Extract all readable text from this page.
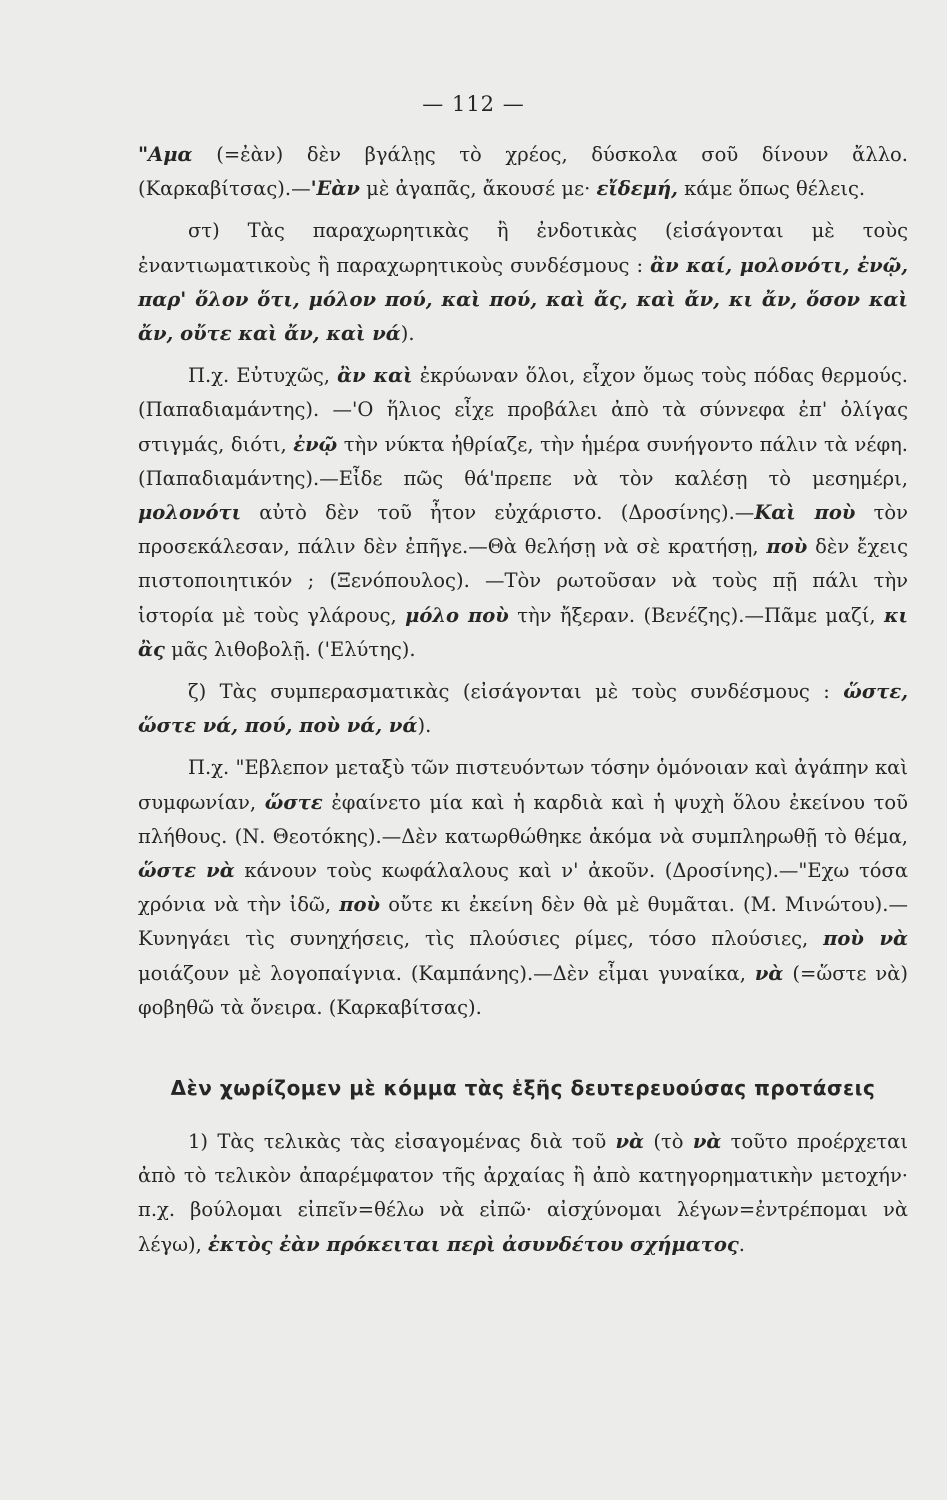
— 112 —

"Αμα (=ἐὰν) δὲν βγάλῃς τὸ χρέος, δύσκολα σοῦ δίνουν ἄλλο. (Καρκαβίτσας).—'Εὰν μὲ ἀγαπᾶς, ἄκουσέ με· εἴδεμή, κάμε ὅπως θέλεις.

στ) Τὰς παραχωρητικὰς ἢ ἐνδοτικὰς (εἰσάγονται μὲ τοὺς ἐναντιωματικοὺς ἢ παραχωρητικοὺς συνδέσμους : ἂν καί, μολονότι, ἐνῷ, παρ' ὅλον ὅτι, μόλον πού, καὶ πού, καὶ ἄς, καὶ ἄν, κι ἄν, ὅσον καὶ ἄν, οὔτε καὶ ἄν, καὶ νά).

Π.χ. Εὐτυχῶς, ἂν καὶ ἐκρύωναν ὅλοι, εἶχον ὅμως τοὺς πόδας θερμούς. (Παπαδιαμάντης). —'Ο ἥλιος εἶχε προβάλει ἀπὸ τὰ σύννεφα ἐπ' ὀλίγας στιγμάς, διότι, ἐνῷ τὴν νύκτα ἠθρίαζε, τὴν ἡμέρα συνήγοντο πάλιν τὰ νέφη. (Παπαδιαμάντης).—Εἶδε πῶς θά'πρεπε νὰ τὸν καλέσῃ τὸ μεσημέρι, μολονότι αὐτὸ δὲν τοῦ ἦτον εὐχάριστο. (Δροσίνης).—Καὶ ποὺ τὸν προσεκάλεσαν, πάλιν δὲν ἐπῆγε.—Θὰ θελήσῃ νὰ σὲ κρατήσῃ, ποὺ δὲν ἔχεις πιστοποιητικόν ; (Ξενόπουλος). —Τὸν ρωτοῦσαν νὰ τοὺς πῇ πάλι τὴν ἱστορία μὲ τοὺς γλάρους, μόλο ποὺ τὴν ἤξεραν. (Βενέζης).—Πᾶμε μαζί, κι ἂς μᾶς λιθοβολῇ. ('Ελύτης).

ζ) Τὰς συμπερασματικὰς (εἰσάγονται μὲ τοὺς συνδέσμους : ὥστε, ὥστε νά, πού, ποὺ νά, νά).

Π.χ. "Εβλεπον μεταξὺ τῶν πιστευόντων τόσην ὁμόνοιαν καὶ ἀγάπην καὶ συμφωνίαν, ὥστε ἐφαίνετο μία καὶ ἡ καρδιὰ καὶ ἡ ψυχὴ ὅλου ἐκείνου τοῦ πλήθους. (Ν. Θεοτόκης).—Δὲν κατωρθώθηκε ἀκόμα νὰ συμπληρωθῇ τὸ θέμα, ὥστε νὰ κάνουν τοὺς κωφάλαλους καὶ ν' ἀκοῦν. (Δροσίνης).—"Εχω τόσα χρόνια νὰ τὴν ἰδῶ, ποὺ οὔτε κι ἐκείνη δὲν θὰ μὲ θυμᾶται. (Μ. Μινώτου).—Κυνηγάει τὶς συνηχήσεις, τὶς πλούσιες ρίμες, τόσο πλούσιες, ποὺ νὰ μοιάζουν μὲ λογοπαίγνια. (Καμπάνης).—Δὲν εἶμαι γυναίκα, νὰ (=ὥστε νὰ) φοβηθῶ τὰ ὄνειρα. (Καρκαβίτσας).

Δὲν χωρίζομεν μὲ κόμμα τὰς ἑξῆς δευτερευούσας προτάσεις

1) Τὰς τελικὰς τὰς εἰσαγομένας διὰ τοῦ νὰ (τὸ νὰ τοῦτο προέρχεται ἀπὸ τὸ τελικὸν ἀπαρέμφατον τῆς ἀρχαίας ἢ ἀπὸ κατηγορηματικὴν μετοχήν· π.χ. βούλομαι εἰπεῖν=θέλω νὰ εἰπῶ· αἰσχύνομαι λέγων=ἐντρέπομαι νὰ λέγω), ἐκτὸς ἐὰν πρόκειται περὶ ἀσυνδέτου σχήματος.
